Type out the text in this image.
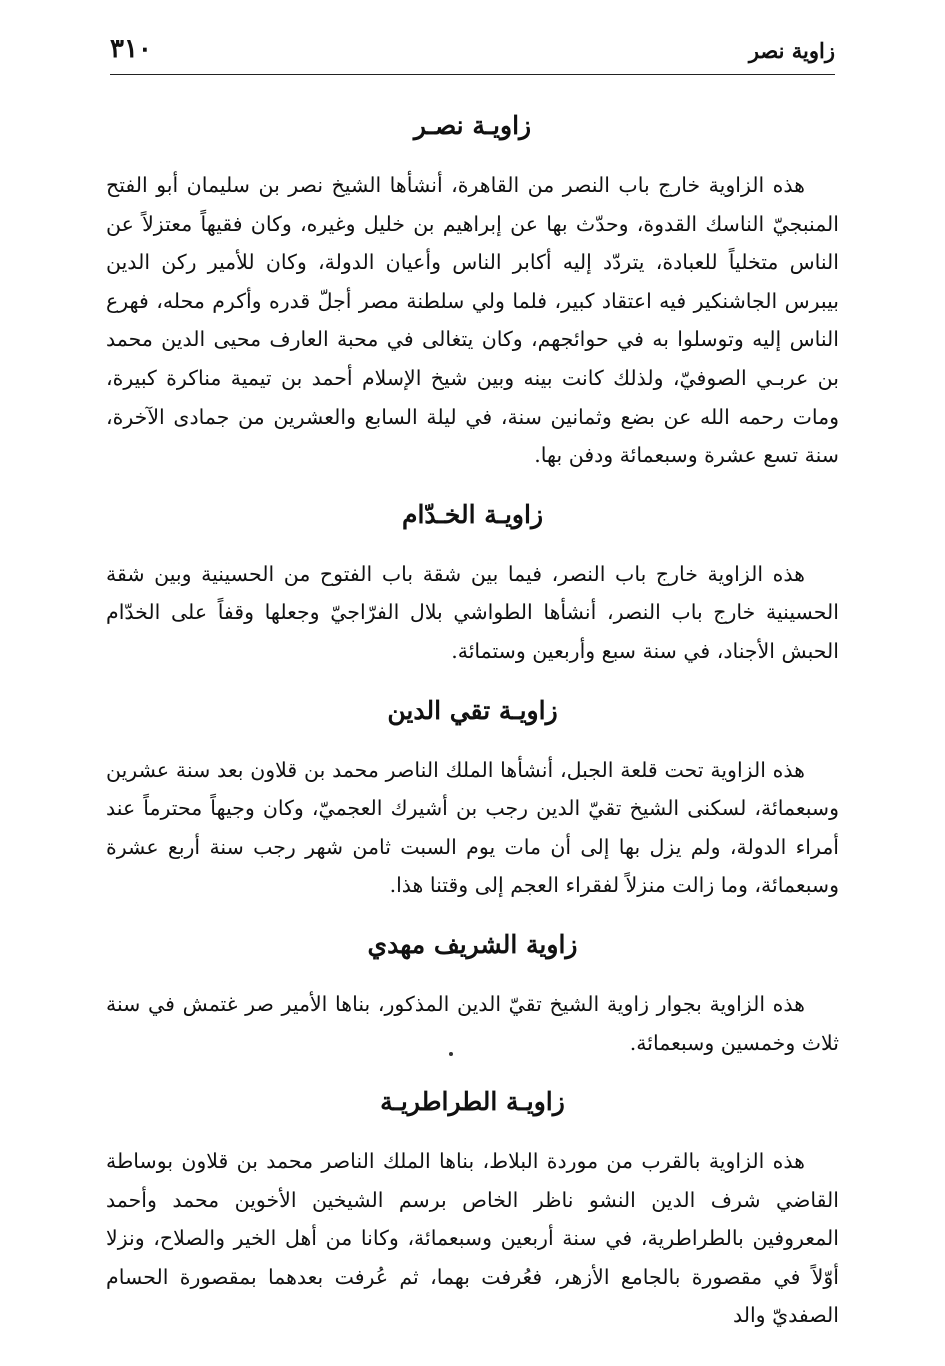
زاوية نصر
٣١٠
زاويـة نصـر

هذه الزاوية خارج باب النصر من القاهرة، أنشأها الشيخ نصر بن سليمان أبو الفتح المنبجيّ الناسك القدوة، وحدّث بها عن إبراهيم بن خليل وغيره، وكان فقيهاً معتزلاً عن الناس متخلياً للعبادة، يتردّد إليه أكابر الناس وأعيان الدولة، وكان للأمير ركن الدين بيبرس الجاشنكير فيه اعتقاد كبير، فلما ولي سلطنة مصر أجلّ قدره وأكرم محله، فهرع الناس إليه وتوسلوا به في حوائجهم، وكان يتغالى في محبة العارف محيى الدين محمد بن عربـي الصوفيّ، ولذلك كانت بينه وبين شيخ الإسلام أحمد بن تيمية مناكرة كبيرة، ومات رحمه الله عن بضع وثمانين سنة، في ليلة السابع والعشرين من جمادى الآخرة، سنة تسع عشرة وسبعمائة ودفن بها.

زاويـة الخـدّام

هذه الزاوية خارج باب النصر، فيما بين شقة باب الفتوح من الحسينية وبين شقة الحسينية خارج باب النصر، أنشأها الطواشي بلال الفرّاجيّ وجعلها وقفاً على الخدّام الحبش الأجناد، في سنة سبع وأربعين وستمائة.

زاويـة تقي الدين

هذه الزاوية تحت قلعة الجبل، أنشأها الملك الناصر محمد بن قلاون بعد سنة عشرين وسبعمائة، لسكنى الشيخ تقيّ الدين رجب بن أشيرك العجميّ، وكان وجيهاً محترماً عند أمراء الدولة، ولم يزل بها إلى أن مات يوم السبت ثامن شهر رجب سنة أربع عشرة وسبعمائة، وما زالت منزلاً لفقراء العجم إلى وقتنا هذا.

زاوية الشريف مهدي

هذه الزاوية بجوار زاوية الشيخ تقيّ الدين المذكور، بناها الأمير صر غتمش في سنة ثلاث وخمسين وسبعمائة.

زاويـة الطراطريـة

هذه الزاوية بالقرب من موردة البلاط، بناها الملك الناصر محمد بن قلاون بوساطة القاضي شرف الدين النشو ناظر الخاص برسم الشيخين الأخوين محمد وأحمد المعروفين بالطراطرية، في سنة أربعين وسبعمائة، وكانا من أهل الخير والصلاح، ونزلا أوّلاً في مقصورة بالجامع الأزهر، فعُرفت بهما، ثم عُرفت بعدهما بمقصورة الحسام الصفديّ والد
